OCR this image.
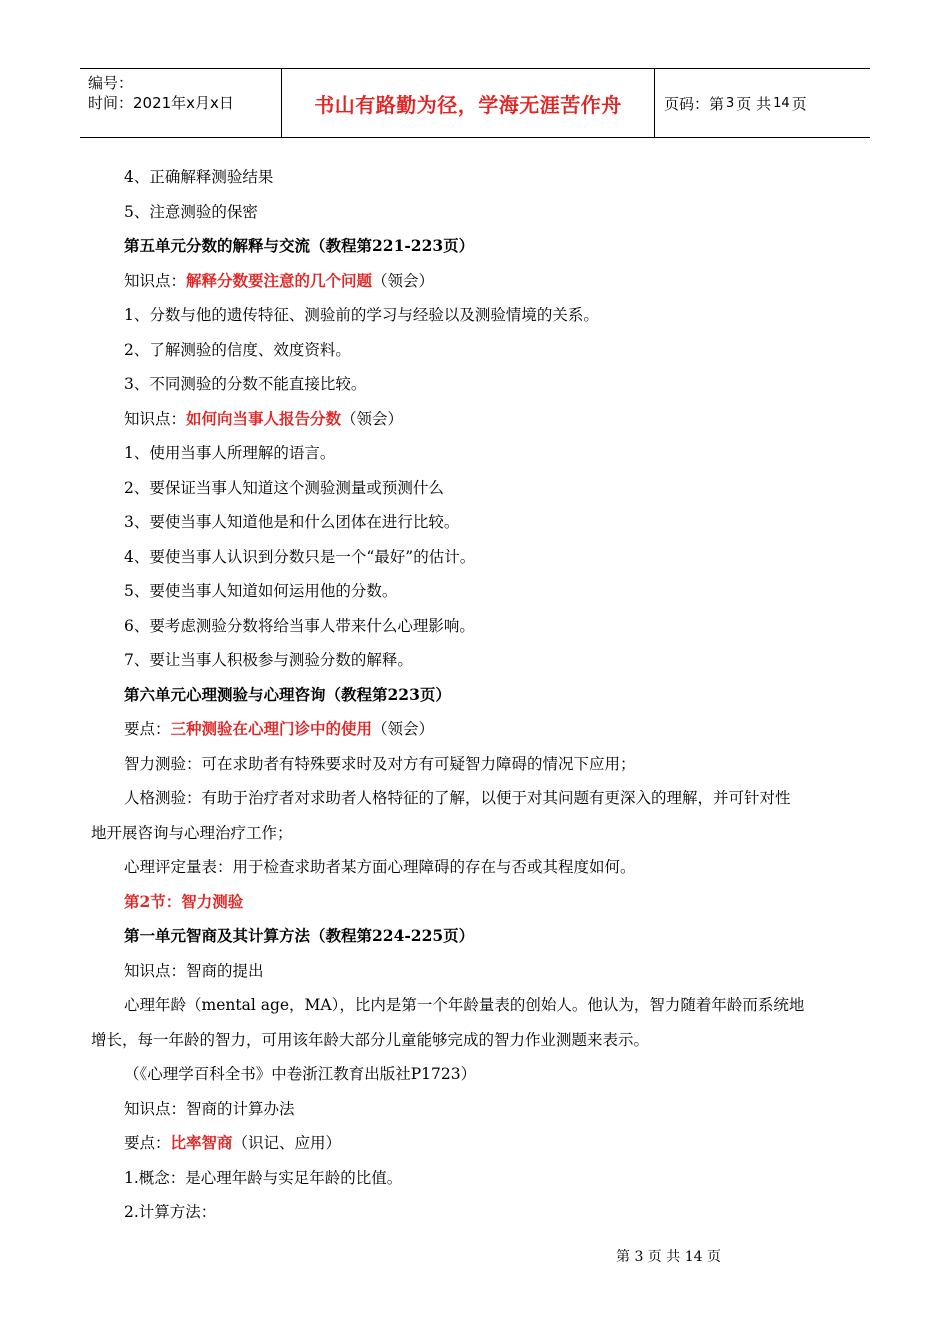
编号：
时间：2021年x月x日	书山有路勤为径，学海无涯苦作舟	页码：第 3 页 共 14 页
4、正确解释测验结果
5、注意测验的保密
第五单元分数的解释与交流（教程第221-223页）
知识点：解释分数要注意的几个问题（领会）
1、分数与他的遗传特征、测验前的学习与经验以及测验情境的关系。
2、了解测验的信度、效度资料。
3、不同测验的分数不能直接比较。
知识点：如何向当事人报告分数（领会）
1、使用当事人所理解的语言。
2、要保证当事人知道这个测验测量或预测什么
3、要使当事人知道他是和什么团体在进行比较。
4、要使当事人认识到分数只是一个“最好”的估计。
5、要使当事人知道如何运用他的分数。
6、要考虑测验分数将给当事人带来什么心理影响。
7、要让当事人积极参与测验分数的解释。
第六单元心理测验与心理咨询（教程第223页）
要点：三种测验在心理门诊中的使用（领会）
智力测验：可在求助者有特殊要求时及对方有可疑智力障碍的情况下应用；
人格测验：有助于治疗者对求助者人格特征的了解，以便于对其问题有更深入的理解，并可针对性
地开展咨询与心理治疗工作；
心理评定量表：用于检查求助者某方面心理障碍的存在与否或其程度如何。
第2节：智力测验
第一单元智商及其计算方法（教程第224-225页）
知识点：智商的提出
心理年龄（mental age，MA），比内是第一个年龄量表的创始人。他认为，智力随着年龄而系统地
增长，每一年龄的智力，可用该年龄大部分儿童能够完成的智力作业测题来表示。
（《心理学百科全书》中卷浙江教育出版社P1723）
知识点：智商的计算办法
要点：比率智商（识记、应用）
1.概念：是心理年龄与实足年龄的比值。
2.计算方法：
第 3 页 共 14 页
